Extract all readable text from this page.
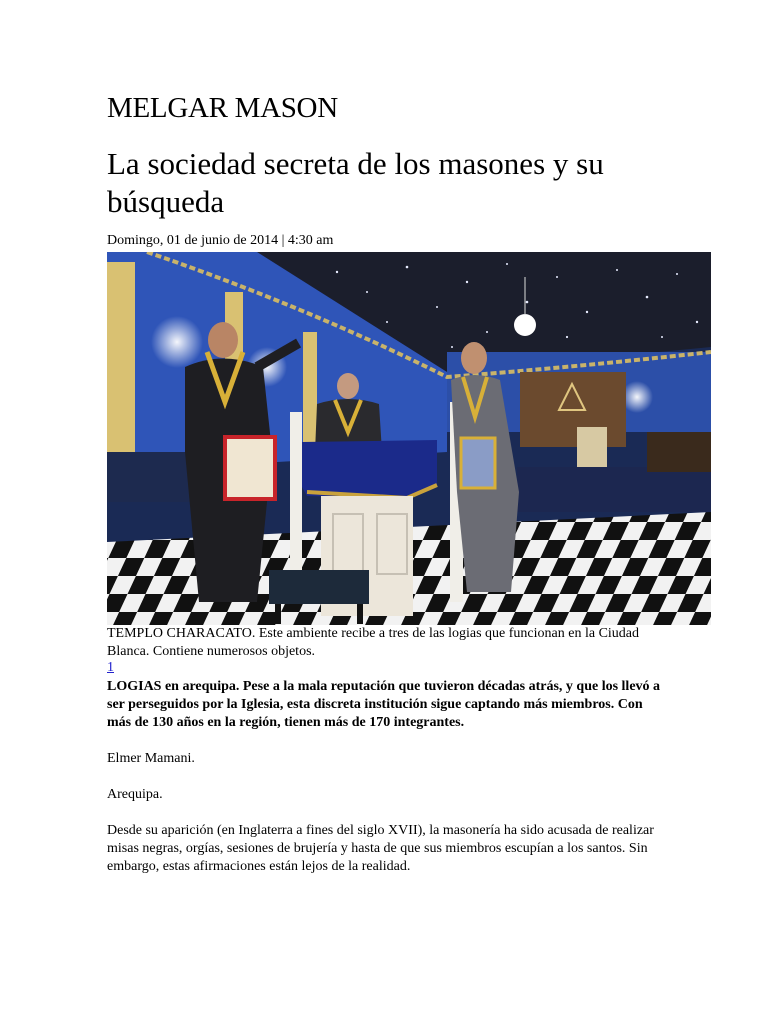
MELGAR MASON
La sociedad secreta de los masones y su búsqueda
Domingo, 01 de junio de 2014 | 4:30 am
TEMPLO CHARACATO. Este ambiente recibe a tres de las logias que funcionan en la Ciudad Blanca. Contiene numerosos objetos.
1
LOGIAS en arequipa. Pese a la mala reputación que tuvieron décadas atrás, y que los llevó a ser perseguidos por la Iglesia, esta discreta institución sigue captando más miembros. Con más de 130 años en la región, tienen más de 170 integrantes.
Elmer Mamani.
Arequipa.
Desde su aparición (en Inglaterra a fines del siglo XVII), la masonería ha sido acusada de realizar misas negras, orgías, sesiones de brujería y hasta de que sus miembros escupían a los santos. Sin embargo, estas afirmaciones están lejos de la realidad.
